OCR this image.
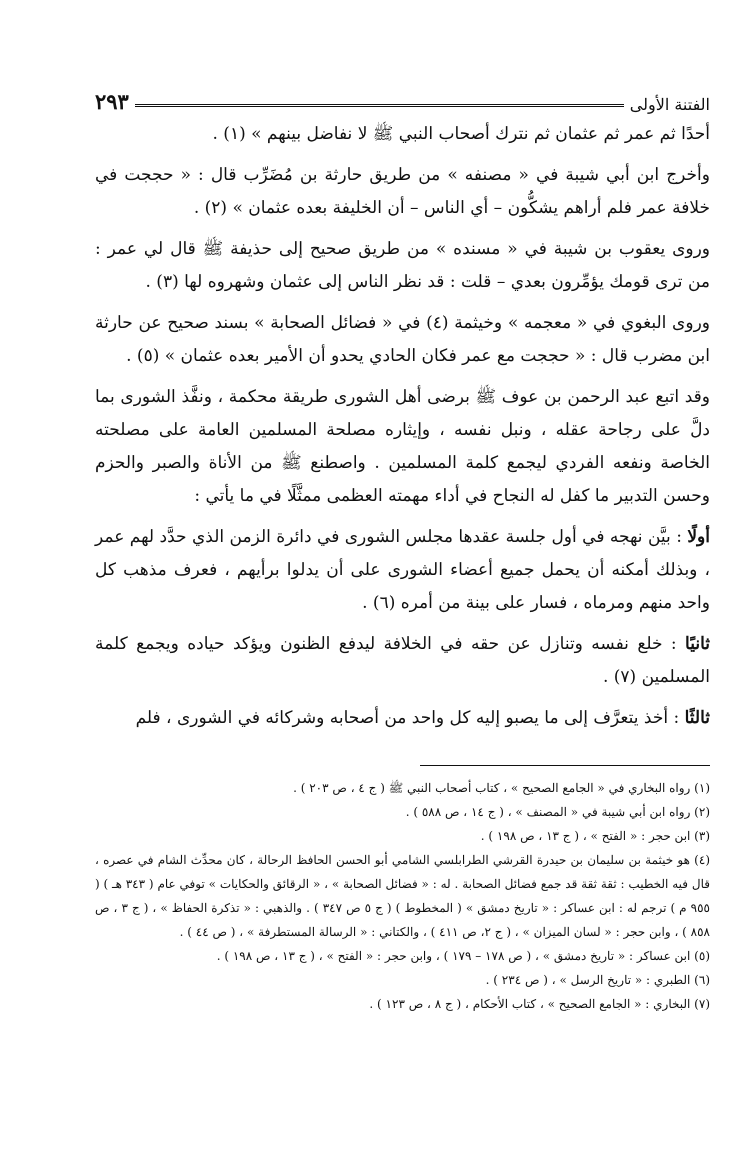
الفتنة الأولى
٢٩٣

أحدًا ثم عمر ثم عثمان ثم نترك أصحاب النبي ﷺ لا نفاضل بينهم » (١) .

وأخرج ابن أبي شيبة في « مصنفه » من طريق حارثة بن مُضَرِّب قال : « حججت في خلافة عمر فلم أراهم يشكُّون – أي الناس – أن الخليفة بعده عثمان » (٢) .

وروى يعقوب بن شيبة في « مسنده » من طريق صحيح إلى حذيفة ﷺ قال لي عمر : من ترى قومك يؤمِّرون بعدي – قلت : قد نظر الناس إلى عثمان وشهروه لها (٣) .

وروى البغوي في « معجمه » وخيثمة (٤) في « فضائل الصحابة » بسند صحيح عن حارثة ابن مضرب قال : « حججت مع عمر فكان الحادي يحدو أن الأمير بعده عثمان » (٥) .

وقد اتبع عبد الرحمن بن عوف ﷺ برضى أهل الشورى طريقة محكمة ، ونفَّذ الشورى بما دلَّ على رجاحة عقله ، ونبل نفسه ، وإيثاره مصلحة المسلمين العامة على مصلحته الخاصة ونفعه الفردي ليجمع كلمة المسلمين . واصطنع ﷺ من الأناة والصبر والحزم وحسن التدبير ما كفل له النجاح في أداء مهمته العظمى ممثَّلًا في ما يأتي :

أولًا : بيَّن نهجه في أول جلسة عقدها مجلس الشورى في دائرة الزمن الذي حدَّد لهم عمر ، وبذلك أمكنه أن يحمل جميع أعضاء الشورى على أن يدلوا برأيهم ، فعرف مذهب كل واحد منهم ومرماه ، فسار على بينة من أمره (٦) .

ثانيًا : خلع نفسه وتنازل عن حقه في الخلافة ليدفع الظنون ويؤكد حياده ويجمع كلمة المسلمين (٧) .

ثالثًا : أخذ يتعرَّف إلى ما يصبو إليه كل واحد من أصحابه وشركائه في الشورى ، فلم

(١) رواه البخاري في « الجامع الصحيح » ، كتاب أصحاب النبي ﷺ ( ج ٤ ، ص ٢٠٣ ) .

(٢) رواه ابن أبي شيبة في « المصنف » ، ( ج ١٤ ، ص ٥٨٨ ) .

(٣) ابن حجر : « الفتح » ، ( ج ١٣ ، ص ١٩٨ ) .

(٤) هو خيثمة بن سليمان بن حيدرة القرشي الطرابلسي الشامي أبو الحسن الحافظ الرحالة ، كان محدِّث الشام في عصره ، قال فيه الخطيب : ثقة ثقة قد جمع فضائل الصحابة . له : « فضائل الصحابة » ، « الرقائق والحكايات » توفي عام ( ٣٤٣ هـ ) ( ٩٥٥ م ) ترجم له : ابن عساكر : « تاريخ دمشق » ( المخطوط ) ( ج ٥ ص ٣٤٧ ) . والذهبي : « تذكرة الحفاظ » ، ( ج ٣ ، ص ٨٥٨ ) ، وابن حجر : « لسان الميزان » ، ( ج ٢، ص ٤١١ ) ، والكتاني : « الرسالة المستطرفة » ، ( ص ٤٤ ) .

(٥) ابن عساكر : « تاريخ دمشق » ، ( ص ١٧٨ – ١٧٩ ) ، وابن حجر : « الفتح » ، ( ج ١٣ ، ص ١٩٨ ) .

(٦) الطبري : « تاريخ الرسل » ، ( ص ٢٣٤ ) .

(٧) البخاري : « الجامع الصحيح » ، كتاب الأحكام ، ( ج ٨ ، ص ١٢٣ ) .
